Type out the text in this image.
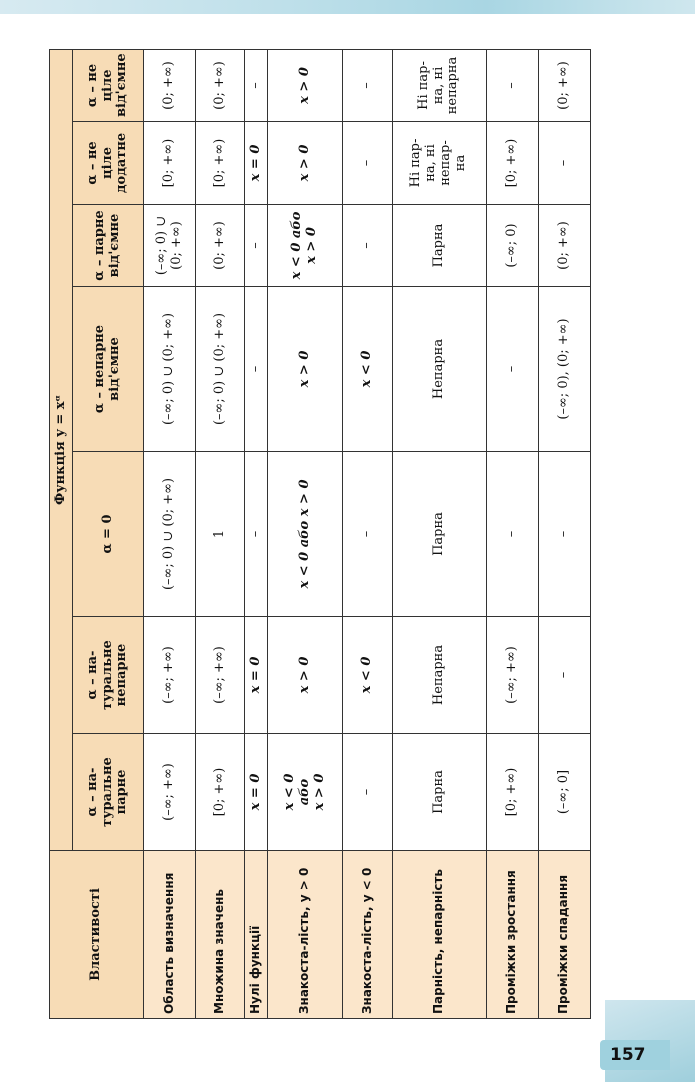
Властивості	Функція y = xᵅ						
	α – на-
туральне
парне	α – на-
туральне
непарне	α = 0	α – непарне
від'ємне	α – парне
від'ємне	α – не
ціле
додатне	α – не
ціле
від'ємне
Область визначення	(–∞; +∞)	(–∞; +∞)	(–∞; 0) ∪ (0; +∞)	(–∞; 0) ∪ (0; +∞)	(–∞; 0) ∪ (0; +∞)	[0; +∞)	(0; +∞)
Множина значень	[0; +∞)	(–∞; +∞)	1	(–∞; 0) ∪ (0; +∞)	(0; +∞)	[0; +∞)	(0; +∞)
Нулі функції	x = 0	x = 0	–	–	–	x = 0	–
Знакоста-лість, y > 0	x < 0
або
x > 0	x > 0	x < 0 або x > 0	x > 0	x < 0 або x > 0	x > 0	x > 0
Знакоста-лість, y < 0	–	x < 0	–	x < 0	–	–	–
Парність, непарність	Парна	Непарна	Парна	Непарна	Парна	Ні пар-
на, ні
непар-
на	Ні пар-
на, ні
непарна
Проміжки зростання	[0; +∞)	(–∞; +∞)	–	–	(–∞; 0)	[0; +∞)	–
Проміжки спадання	(–∞; 0]	–	–	(–∞; 0), (0; +∞)	(0; +∞)	–	(0; +∞)
157
